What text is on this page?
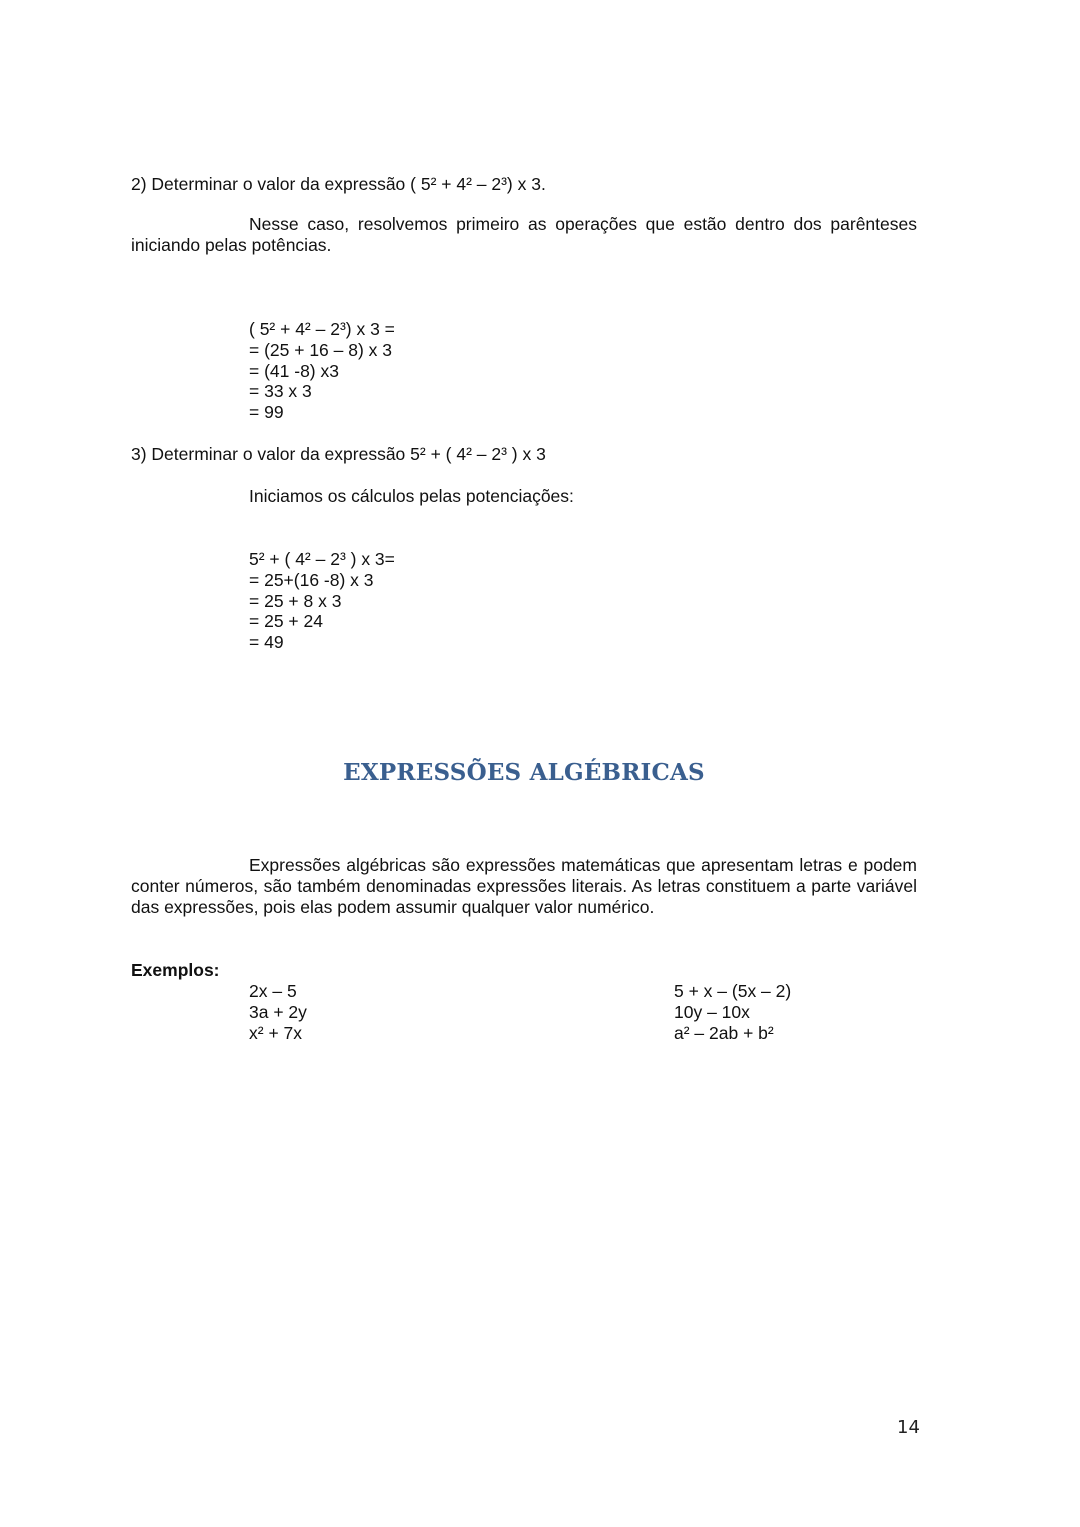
2) Determinar o valor da expressão ( 5² + 4² – 2³) x 3.
Nesse caso, resolvemos primeiro as operações que estão dentro dos parênteses iniciando pelas potências.
( 5² + 4² – 2³) x 3 =
= (25 + 16 – 8) x 3
= (41 -8) x3
= 33 x 3
= 99
3) Determinar o valor da expressão 5² + ( 4² – 2³ ) x 3
Iniciamos os cálculos pelas potenciações:
5² + ( 4² – 2³ ) x 3=
= 25+(16 -8) x 3
= 25 + 8 x 3
= 25 + 24
= 49
EXPRESSÕES ALGÉBRICAS
Expressões algébricas são expressões matemáticas que apresentam letras e podem conter números, são também denominadas expressões literais. As letras constituem a parte variável das expressões, pois elas podem assumir qualquer valor numérico.
Exemplos:
2x – 5
3a + 2y
x² + 7x
5 + x – (5x – 2)
10y – 10x
a² – 2ab + b²
14
